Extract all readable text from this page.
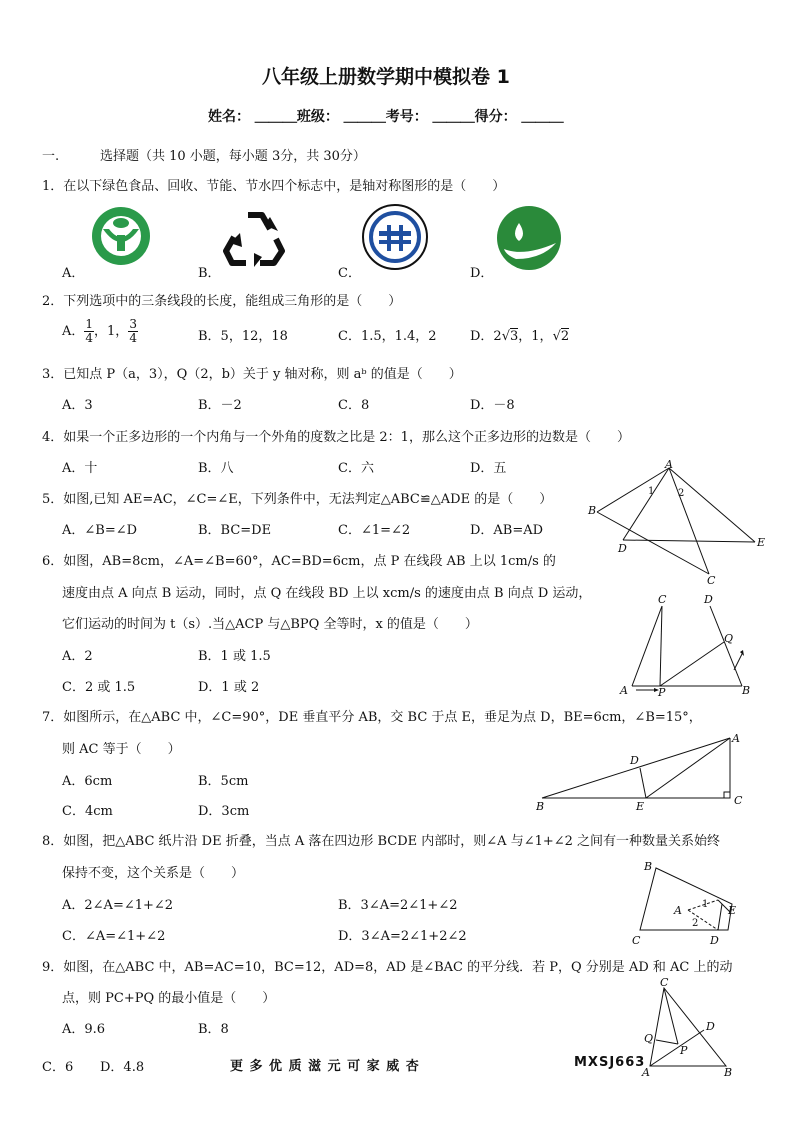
八年级上册数学期中模拟卷 1
姓名： ＿＿＿班级： ＿＿＿考号： ＿＿＿得分： ＿＿＿
一.	选择题（共 10 小题，每小题 3分，共 30分）
1．在以下绿色食品、回收、节能、节水四个标志中，是轴对称图形的是（　　）
A．	B．	C．	D．
2．下列选项中的三条线段的长度，能组成三角形的是（　　）
A． $\frac{1}{4}$ ，1， $\frac{3}{4}$	B．5，12，18	C．1.5，1.4，2	D．2√3，1，√2
3．已知点 P（a，3），Q（2，b）关于 y 轴对称，则 aᵇ 的值是（　　）
A．3	B．－2	C．8	D．－8
4．如果一个正多边形的一个内角与一个外角的度数之比是 2：1，那么这个正多边形的边数是（　　）
A．十	B．八	C．六	D．五
5．如图,已知 AE=AC，∠C=∠E，下列条件中，无法判定△ABC≌△ADE 的是（　　）
A．∠B=∠D	B．BC=DE	C．∠1=∠2	D．AB=AD
A
B
D
C
E
1 2
6．如图，AB=8cm，∠A=∠B=60°，AC=BD=6cm，点 P 在线段 AB 上以 1cm/s 的
速度由点 A 向点 B 运动，同时，点 Q 在线段 BD 上以 xcm/s 的速度由点 B 向点 D 运动，
它们运动的时间为 t（s）.当△ACP 与△BPQ 全等时，x 的值是（　　）
A．2	B．1 或 1.5
C．2 或 1.5	D．1 或 2	A	P	B
C	D
Q
7．如图所示，在△ABC 中，∠C=90°，DE 垂直平分 AB，交 BC 于点 E，垂足为点 D，BE=6cm，∠B=15°，
则 AC 等于（　　）
A．6cm	B．5cm
C．4cm	D．3cm	B	E	C
A
D
8．如图，把△ABC 纸片沿 DE 折叠，当点 A 落在四边形 BCDE 内部时，则∠A 与∠1+∠2 之间有一种数量关系始终
保持不变，这个关系是（　　）
A．2∠A=∠1+∠2	B．3∠A=2∠1+∠2
C．∠A=∠1+∠2	D．3∠A=2∠1+2∠2
B
C	D
E
A 1
2
9．如图，在△ABC 中，AB=AC=10，BC=12，AD=8，AD 是∠BAC 的平分线．若 P，Q 分别是 AD 和 AC 上的动
点，则 PC+PQ 的最小值是（　　）
A．9.6	B．8
C．6 D．4.8
C
A	B
D
Q
P
更 多 优 质 滋 元 可 家 威 杏	MXSJ663
